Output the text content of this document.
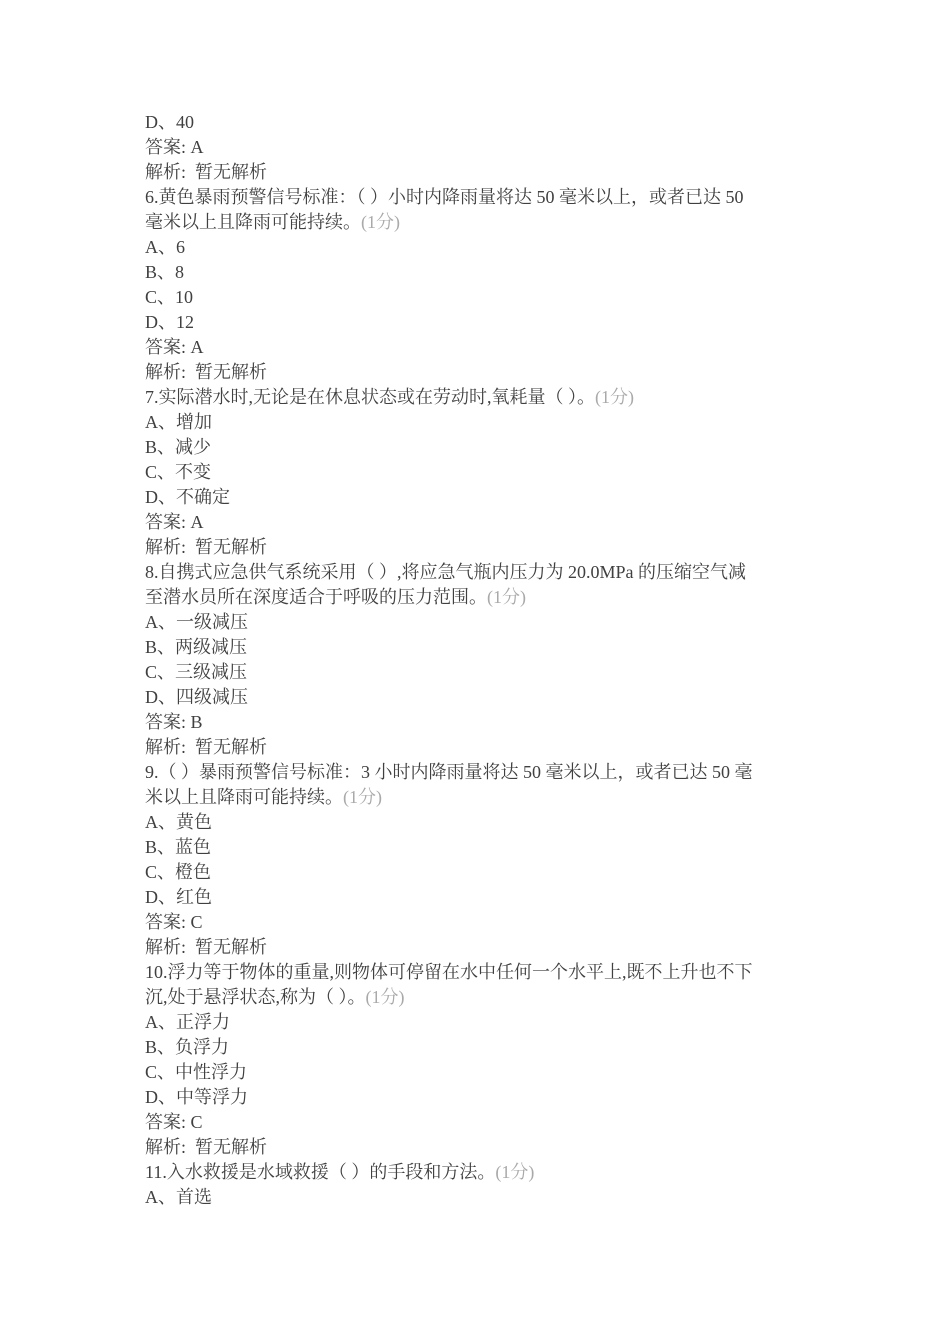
D、40
答案: A
解析:  暂无解析
6.黄色暴雨预警信号标准：（ ）小时内降雨量将达 50 毫米以上，或者已达 50
毫米以上且降雨可能持续。(1分)
A、6
B、8
C、10
D、12
答案: A
解析:  暂无解析
7.实际潜水时,无论是在休息状态或在劳动时,氧耗量（ ）。(1分)
A、增加
B、减少
C、不变
D、不确定
答案: A
解析:  暂无解析
8.自携式应急供气系统采用（ ）,将应急气瓶内压力为 20.0MPa 的压缩空气减
至潜水员所在深度适合于呼吸的压力范围。(1分)
A、一级减压
B、两级减压
C、三级减压
D、四级减压
答案: B
解析:  暂无解析
9.（ ）暴雨预警信号标准：3 小时内降雨量将达 50 毫米以上，或者已达 50 毫
米以上且降雨可能持续。(1分)
A、黄色
B、蓝色
C、橙色
D、红色
答案: C
解析:  暂无解析
10.浮力等于物体的重量,则物体可停留在水中任何一个水平上,既不上升也不下
沉,处于悬浮状态,称为（ ）。(1分)
A、正浮力
B、负浮力
C、中性浮力
D、中等浮力
答案: C
解析:  暂无解析
11.入水救援是水域救援（ ）的手段和方法。(1分)
A、首选
